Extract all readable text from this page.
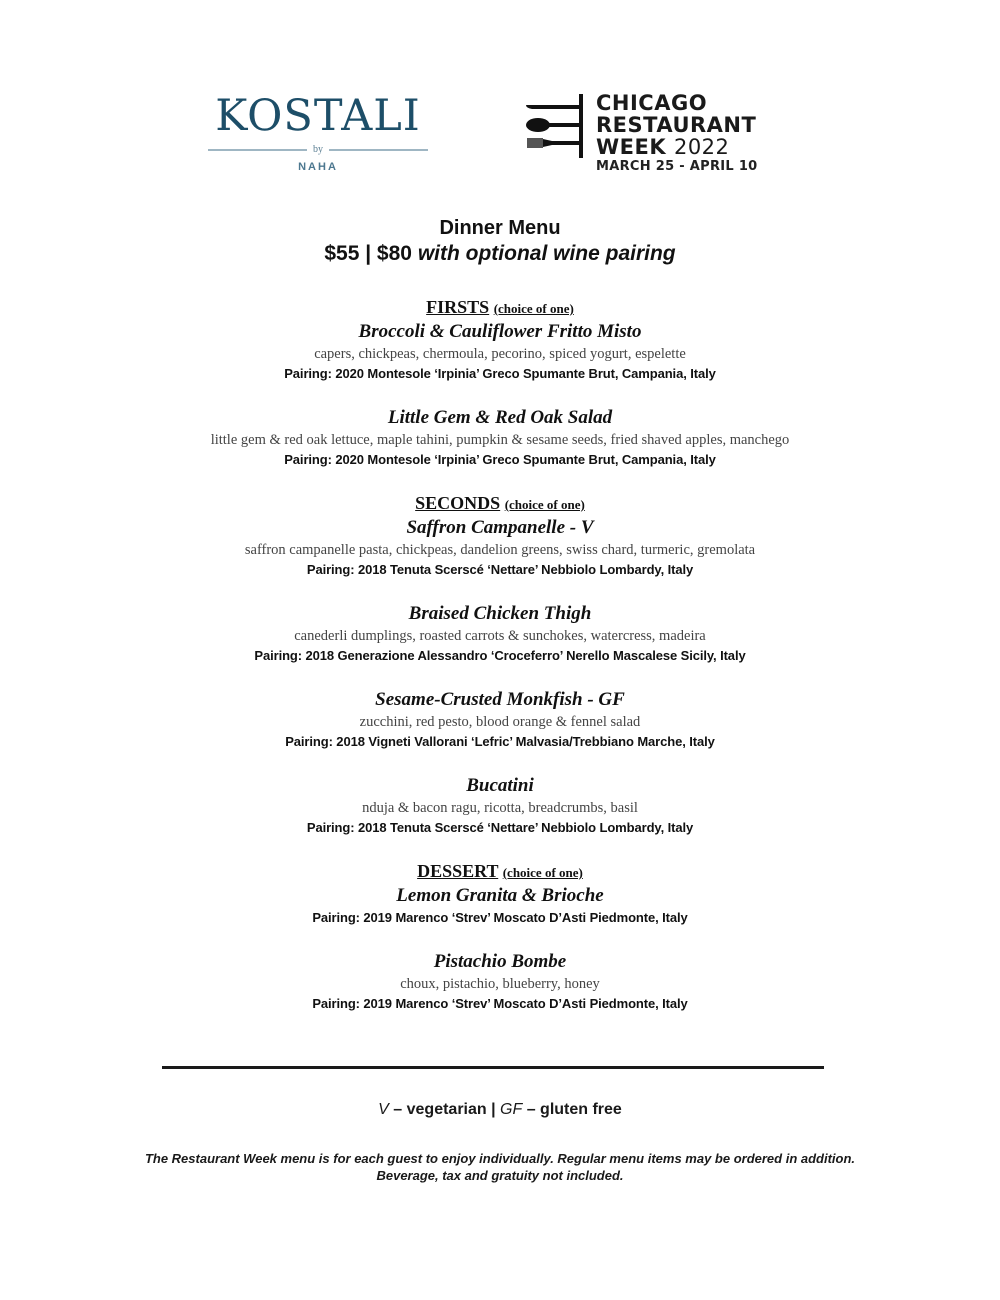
KOSTALI
by
NAHA
CHICAGO
RESTAURANT
WEEK 2022
MARCH 25 - APRIL 10
Dinner Menu
$55 | $80 with optional wine pairing
FIRSTS (choice of one)
Broccoli & Cauliflower Fritto Misto
capers, chickpeas, chermoula, pecorino, spiced yogurt, espelette
Pairing: 2020 Montesole ‘Irpinia’ Greco Spumante Brut, Campania, Italy
Little Gem & Red Oak Salad
little gem & red oak lettuce, maple tahini, pumpkin & sesame seeds, fried shaved apples, manchego
Pairing: 2020 Montesole ‘Irpinia’ Greco Spumante Brut, Campania, Italy
SECONDS (choice of one)
Saffron Campanelle - V
saffron campanelle pasta, chickpeas, dandelion greens, swiss chard, turmeric, gremolata
Pairing: 2018 Tenuta Scerscé ‘Nettare’ Nebbiolo Lombardy, Italy
Braised Chicken Thigh
canederli dumplings, roasted carrots & sunchokes, watercress, madeira
Pairing: 2018 Generazione Alessandro ‘Croceferro’ Nerello Mascalese Sicily, Italy
Sesame-Crusted Monkfish - GF
zucchini, red pesto, blood orange & fennel salad
Pairing: 2018 Vigneti Vallorani ‘Lefric’ Malvasia/Trebbiano Marche, Italy
Bucatini
nduja & bacon ragu, ricotta, breadcrumbs, basil
Pairing: 2018 Tenuta Scerscé ‘Nettare’ Nebbiolo Lombardy, Italy
DESSERT (choice of one)
Lemon Granita & Brioche
Pairing: 2019 Marenco ‘Strev’ Moscato D’Asti Piedmonte, Italy
Pistachio Bombe
choux, pistachio, blueberry, honey
Pairing: 2019 Marenco ‘Strev’ Moscato D’Asti Piedmonte, Italy
V – vegetarian | GF – gluten free
The Restaurant Week menu is for each guest to enjoy individually. Regular menu items may be ordered in addition. Beverage, tax and gratuity not included.
